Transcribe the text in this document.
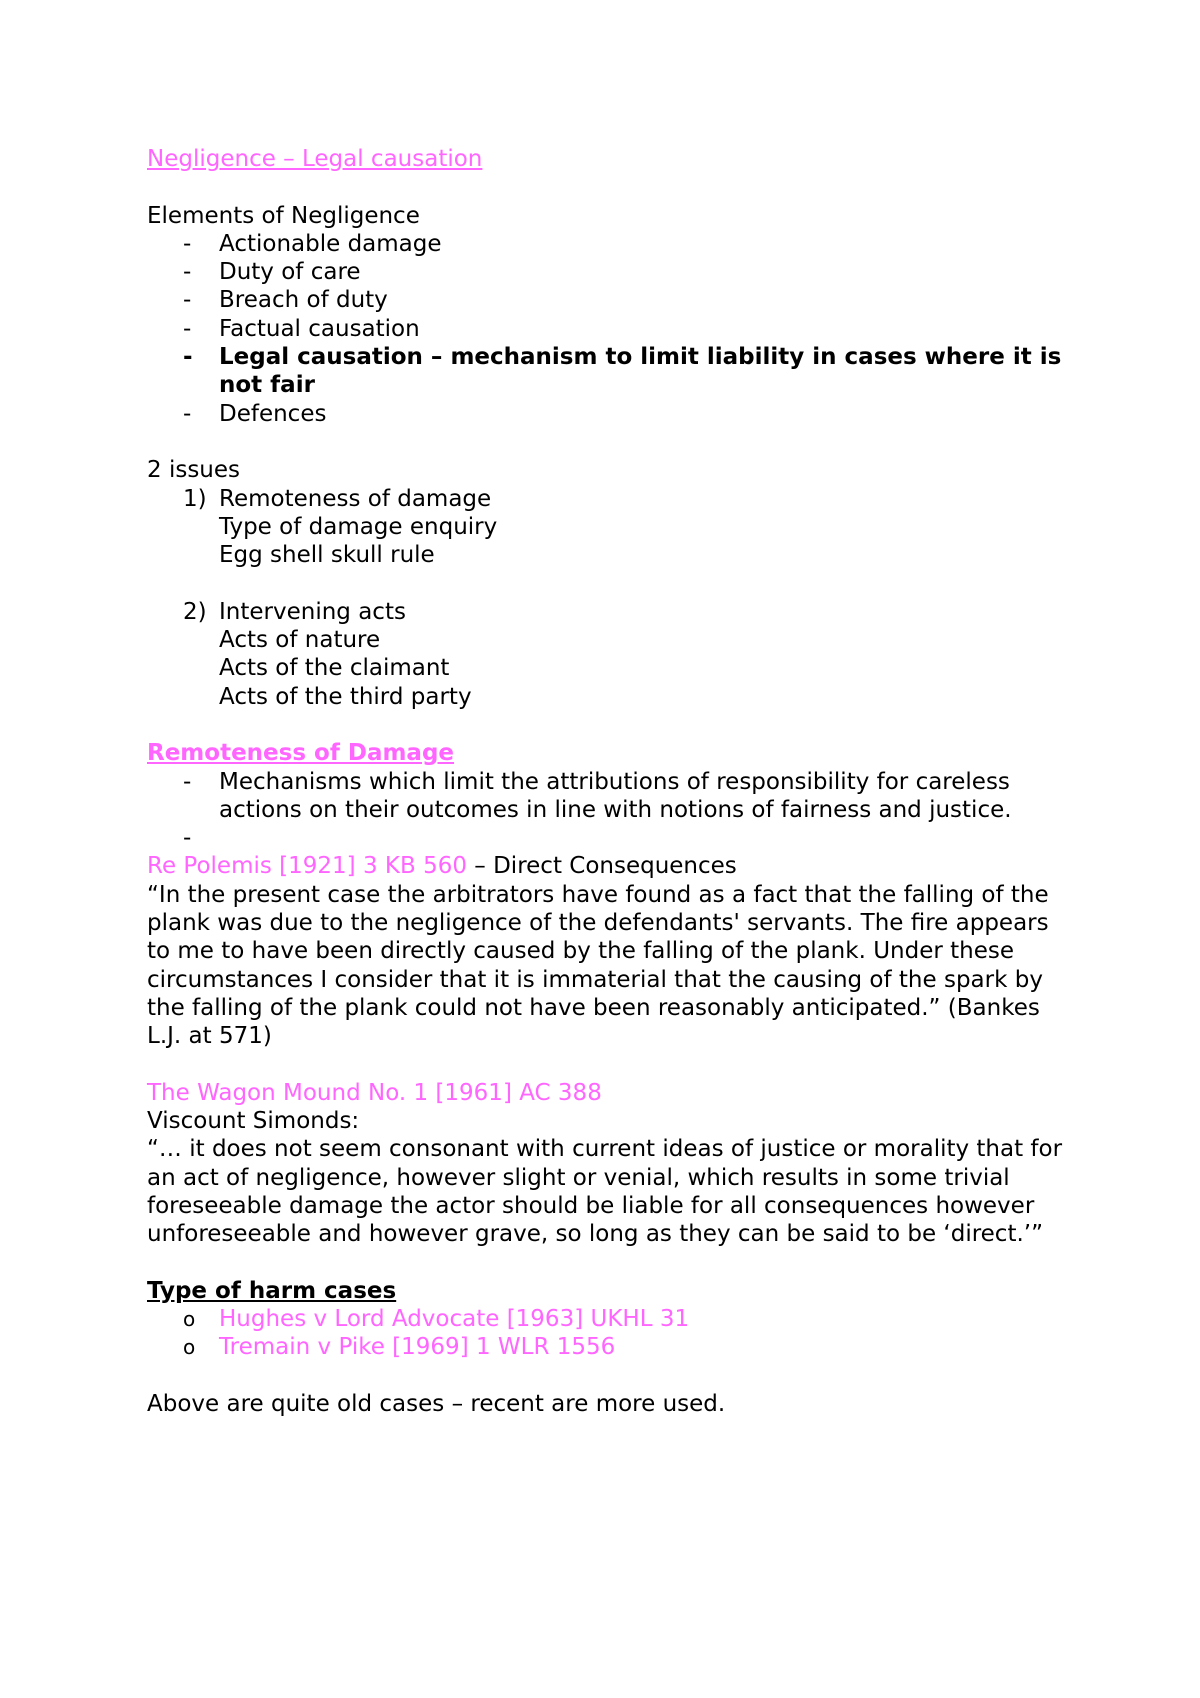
Negligence – Legal causation

Elements of Negligence

-	Actionable damage
-	Duty of care
-	Breach of duty
-	Factual causation
-	Legal causation – mechanism to limit liability in cases where it is not fair
-	Defences

2 issues

1) Remoteness of damage

Type of damage enquiry

Egg shell skull rule

2) Intervening acts

Acts of nature

Acts of the claimant

Acts of the third party

Remoteness of Damage

-	Mechanisms which limit the attributions of responsibility for careless actions on their outcomes in line with notions of fairness and justice.
-

Re Polemis [1921] 3 KB 560 – Direct Consequences

“In the present case the arbitrators have found as a fact that the falling of the plank was due to the negligence of the defendants' servants. The fire appears to me to have been directly caused by the falling of the plank. Under these circumstances I consider that it is immaterial that the causing of the spark by the falling of the plank could not have been reasonably anticipated.” (Bankes L.J. at 571)

The Wagon Mound No. 1 [1961] AC 388

Viscount Simonds:

“… it does not seem consonant with current ideas of justice or morality that for an act of negligence, however slight or venial, which results in some trivial foreseeable damage the actor should be liable for all consequences however unforeseeable and however grave, so long as they can be said to be ‘direct.’”

Type of harm cases

o	Hughes v Lord Advocate [1963] UKHL 31
o	Tremain v Pike [1969] 1 WLR 1556

Above are quite old cases – recent are more used.
